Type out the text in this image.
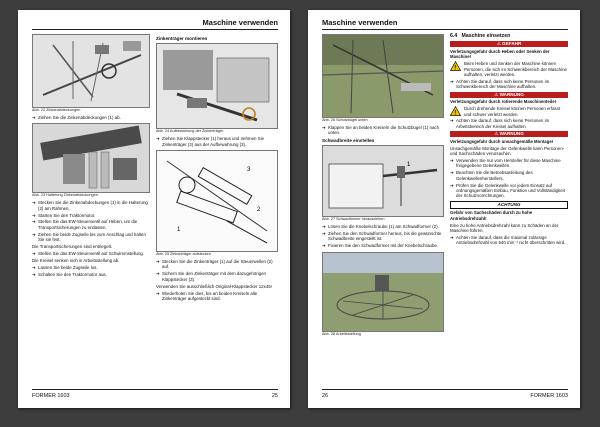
Maschine verwenden
Abb. 22 Zinkenabdeckungen
➔ Ziehen Sie die Zinkenabdeckungen (1) ab.
Abb. 23 Halterung Zinkenabdeckungen
➔ Stecken Sie die Zinkenabdeckungen (1) in die Halterung (2) am Rahmen.
➔ Starten Sie den Traktormotor.
➔ Stellen Sie das EW-Steuerventil auf Heben, um die Transportsicherungen zu entlasten.
➔ Ziehen Sie beide Zugseile bis zum Anschlag und halten Sie sie fest.
Die Transportsicherungen sind entriegelt.
➔ Stellen Sie das EW-Steuerventil auf Schwimmstellung.
Die Kreisel senken sich in Arbeitsstellung ab.
➔ Lassen Sie beide Zugseile los.
➔ Schalten Sie den Traktormotor aus.
Zinkenträger montieren
Abb. 24 Aufbewahrung der Zinkenträger
➔ Ziehen Sie Klappstecker (1) heraus und nehmen Sie Zinkenträger (2) aus der Aufbewahrung (3).
3
1
2
Abb. 25 Zinkenträger aufstecken
➔ Stecken Sie die Zinkenträger (1) auf die Steuerwellen (2) auf.
➔ Sichern Sie den Zinkenträger mit dem dazugehörigen Klappstecker (3).
Verwenden Sie ausschließlich Original-Klappstecker 12x45!
➔ Wiederholen Sie dies, bis an beiden Kreiseln alle Zinkenträger aufgesteckt sind.
FORMER 1603	25
Maschine verwenden
Abb. 26 Schutzbügel unten
➔ Klappen Sie an beiden Kreiseln die Schutzbügel (1) nach unten.
Schwadbreite einstellen
1
Abb. 27 Schwadformer herausziehen
➔ Lösen Sie die Knebelschraube (1) am Schwadformer (2).
➔ Ziehen Sie den Schwadformer heraus, bis die gewünschte Schwadbreite eingestellt ist.
➔ Fixieren Sie den Schwadformer mit der Knebelschraube.
Abb. 28 Arbeitsstellung
6.4 Maschine einsetzen
⚠ GEFAHR
Verletzungsgefahr durch Heben oder Senken der Maschine!
!
Beim Heben und Senken der Maschine können Personen, die sich im Schwenkbereich der Maschine aufhalten, verletzt werden.
➔ Achten Sie darauf, dass sich keine Personen im Schwenkbereich der Maschine aufhalten.
⚠ WARNUNG
Verletzungsgefahr durch rotierende Maschinenteile!
!
Durch drehende Kreisel können Personen erfasst und schwer verletzt werden.
➔ Achten Sie darauf, dass sich keine Personen im Arbeitsbereich der Kreisel aufhalten.
⚠ WARNUNG
Verletzungsgefahr durch unsachgemäße Montage!
Unsachgemäße Montage der Gelenkwelle kann Personen- und Sachschäden verursachen.
➔ Verwenden Sie nur vom Hersteller für diese Maschine freigegebene Gelenkwellen.
➔ Beachten Sie die Betriebsanleitung des Gelenkwellenherstellers.
➔ Prüfen Sie die Gelenkwelle vor jedem Einsatz auf ordnungsgemäßen Einbau, Funktion und Vollständigkeit der Schutzvorrichtungen.
ACHTUNG
Gefahr von Sachschäden durch zu hohe Antriebsdrehzahl!
Eine zu hohe Antriebsdrehzahl kann zu Schäden an der Maschine führen.
➔ Achten Sie darauf, dass die maximal zulässige Antriebsdrehzahl von 540 min⁻¹ nicht überschritten wird.
26	FORMER 1603
